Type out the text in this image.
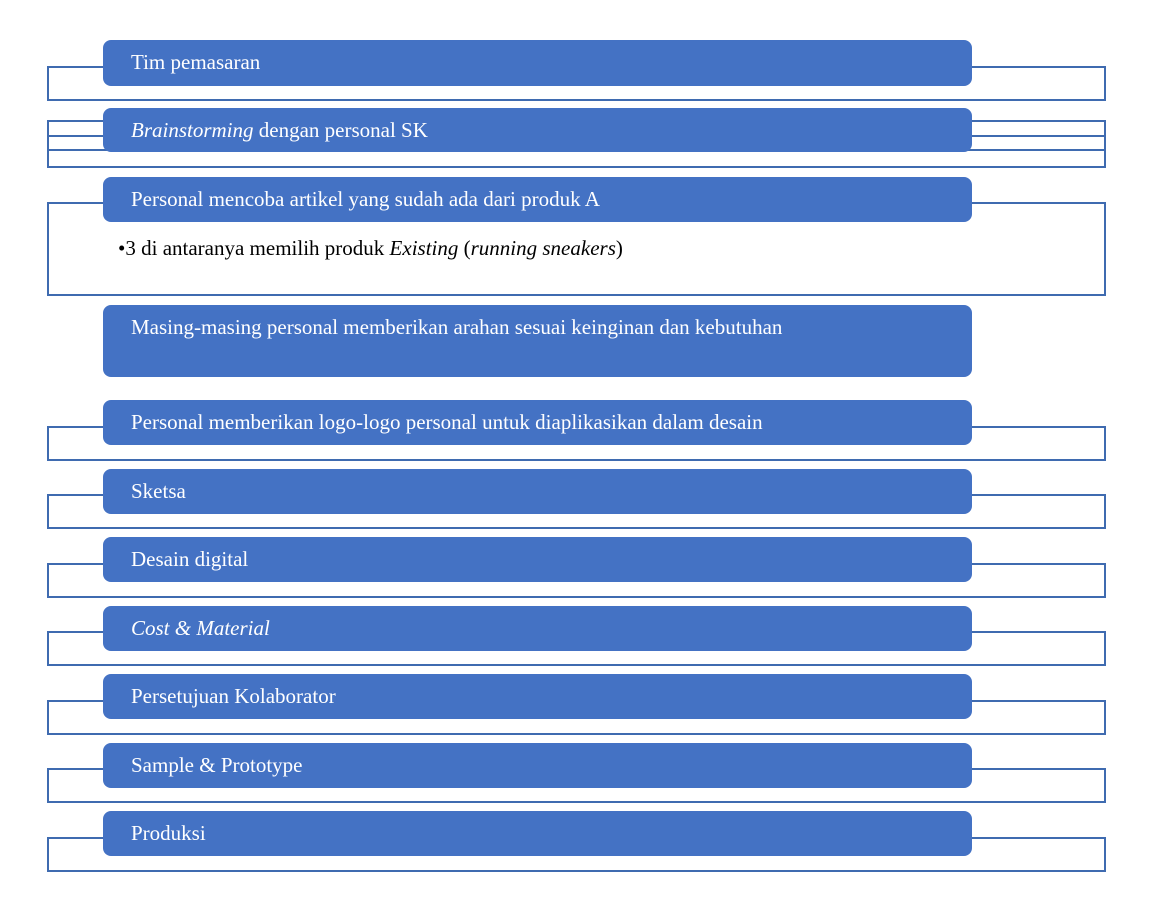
Tim pemasaran
Brainstorming dengan personal SK
Personal mencoba artikel yang sudah ada dari produk A
•3 di antaranya memilih produk Existing (running sneakers)
Masing-masing personal memberikan arahan sesuai keinginan dan kebutuhan
Personal memberikan logo-logo personal untuk diaplikasikan dalam desain
Sketsa
Desain digital
Cost & Material
Persetujuan Kolaborator
Sample & Prototype
Produksi
